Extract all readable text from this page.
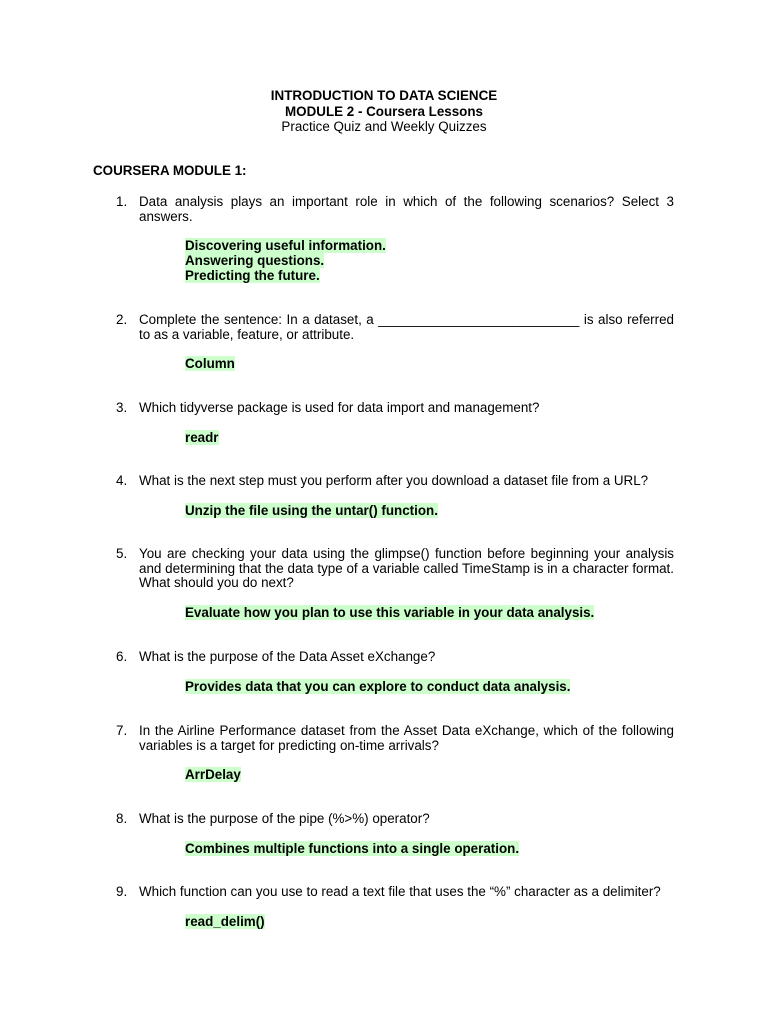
INTRODUCTION TO DATA SCIENCE
MODULE 2 - Coursera Lessons
Practice Quiz and Weekly Quizzes
COURSERA MODULE 1:
1. Data analysis plays an important role in which of the following scenarios? Select 3 answers.
Discovering useful information.
Answering questions.
Predicting the future.
2. Complete the sentence: In a dataset, a ___________________________ is also referred to as a variable, feature, or attribute.
Column
3. Which tidyverse package is used for data import and management?
readr
4. What is the next step must you perform after you download a dataset file from a URL?
Unzip the file using the untar() function.
5. You are checking your data using the glimpse() function before beginning your analysis and determining that the data type of a variable called TimeStamp is in a character format. What should you do next?
Evaluate how you plan to use this variable in your data analysis.
6. What is the purpose of the Data Asset eXchange?
Provides data that you can explore to conduct data analysis.
7. In the Airline Performance dataset from the Asset Data eXchange, which of the following variables is a target for predicting on-time arrivals?
ArrDelay
8. What is the purpose of the pipe (%>%) operator?
Combines multiple functions into a single operation.
9. Which function can you use to read a text file that uses the “%” character as a delimiter?
read_delim()
